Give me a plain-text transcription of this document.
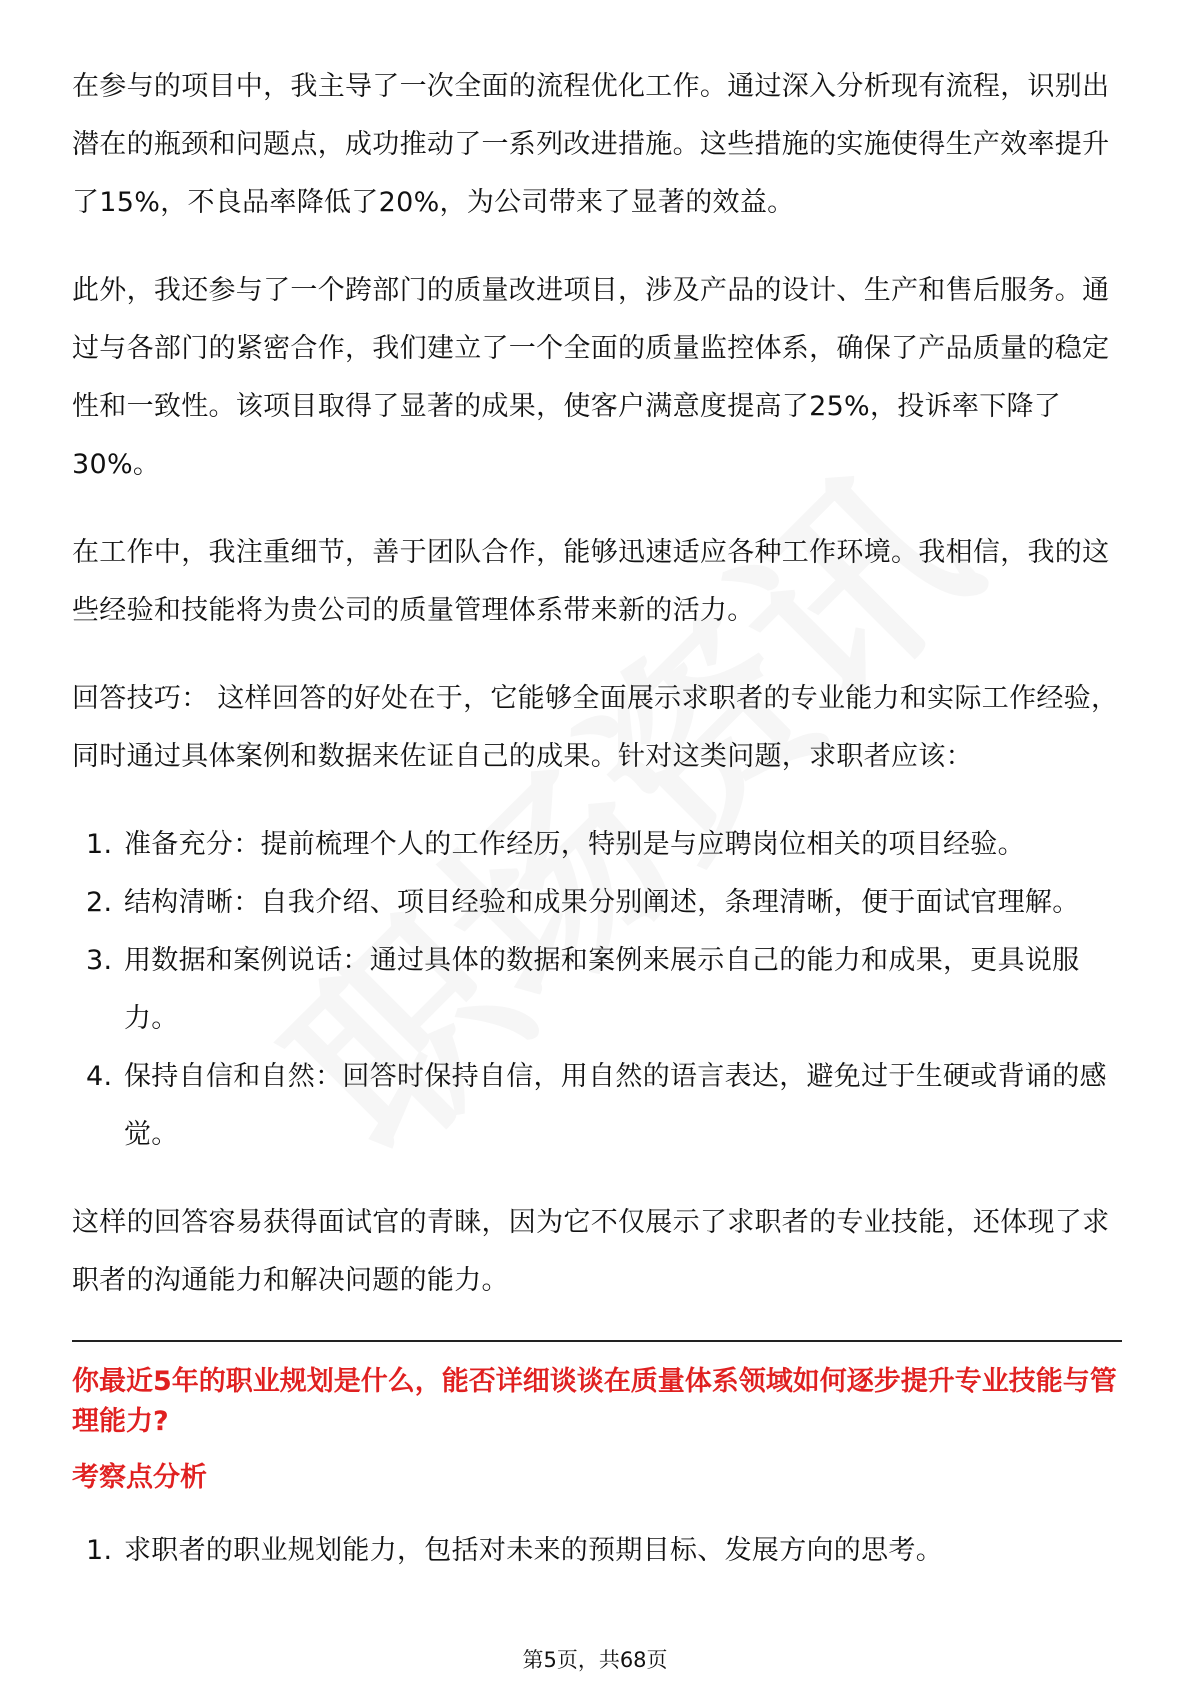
在参与的项目中，我主导了一次全面的流程优化工作。通过深入分析现有流程，识别出潜在的瓶颈和问题点，成功推动了一系列改进措施。这些措施的实施使得生产效率提升了15%，不良品率降低了20%，为公司带来了显著的效益。

此外，我还参与了一个跨部门的质量改进项目，涉及产品的设计、生产和售后服务。通过与各部门的紧密合作，我们建立了一个全面的质量监控体系，确保了产品质量的稳定性和一致性。该项目取得了显著的成果，使客户满意度提高了25%，投诉率下降了30%。

在工作中，我注重细节，善于团队合作，能够迅速适应各种工作环境。我相信，我的这些经验和技能将为贵公司的质量管理体系带来新的活力。

回答技巧： 这样回答的好处在于，它能够全面展示求职者的专业能力和实际工作经验，同时通过具体案例和数据来佐证自己的成果。针对这类问题，求职者应该：

1. 准备充分：提前梳理个人的工作经历，特别是与应聘岗位相关的项目经验。
2. 结构清晰：自我介绍、项目经验和成果分别阐述，条理清晰，便于面试官理解。
3. 用数据和案例说话：通过具体的数据和案例来展示自己的能力和成果，更具说服力。
4. 保持自信和自然：回答时保持自信，用自然的语言表达，避免过于生硬或背诵的感觉。

这样的回答容易获得面试官的青睐，因为它不仅展示了求职者的专业技能，还体现了求职者的沟通能力和解决问题的能力。

你最近5年的职业规划是什么，能否详细谈谈在质量体系领域如何逐步提升专业技能与管理能力?
考察点分析
1. 求职者的职业规划能力，包括对未来的预期目标、发展方向的思考。
第5页，共68页
